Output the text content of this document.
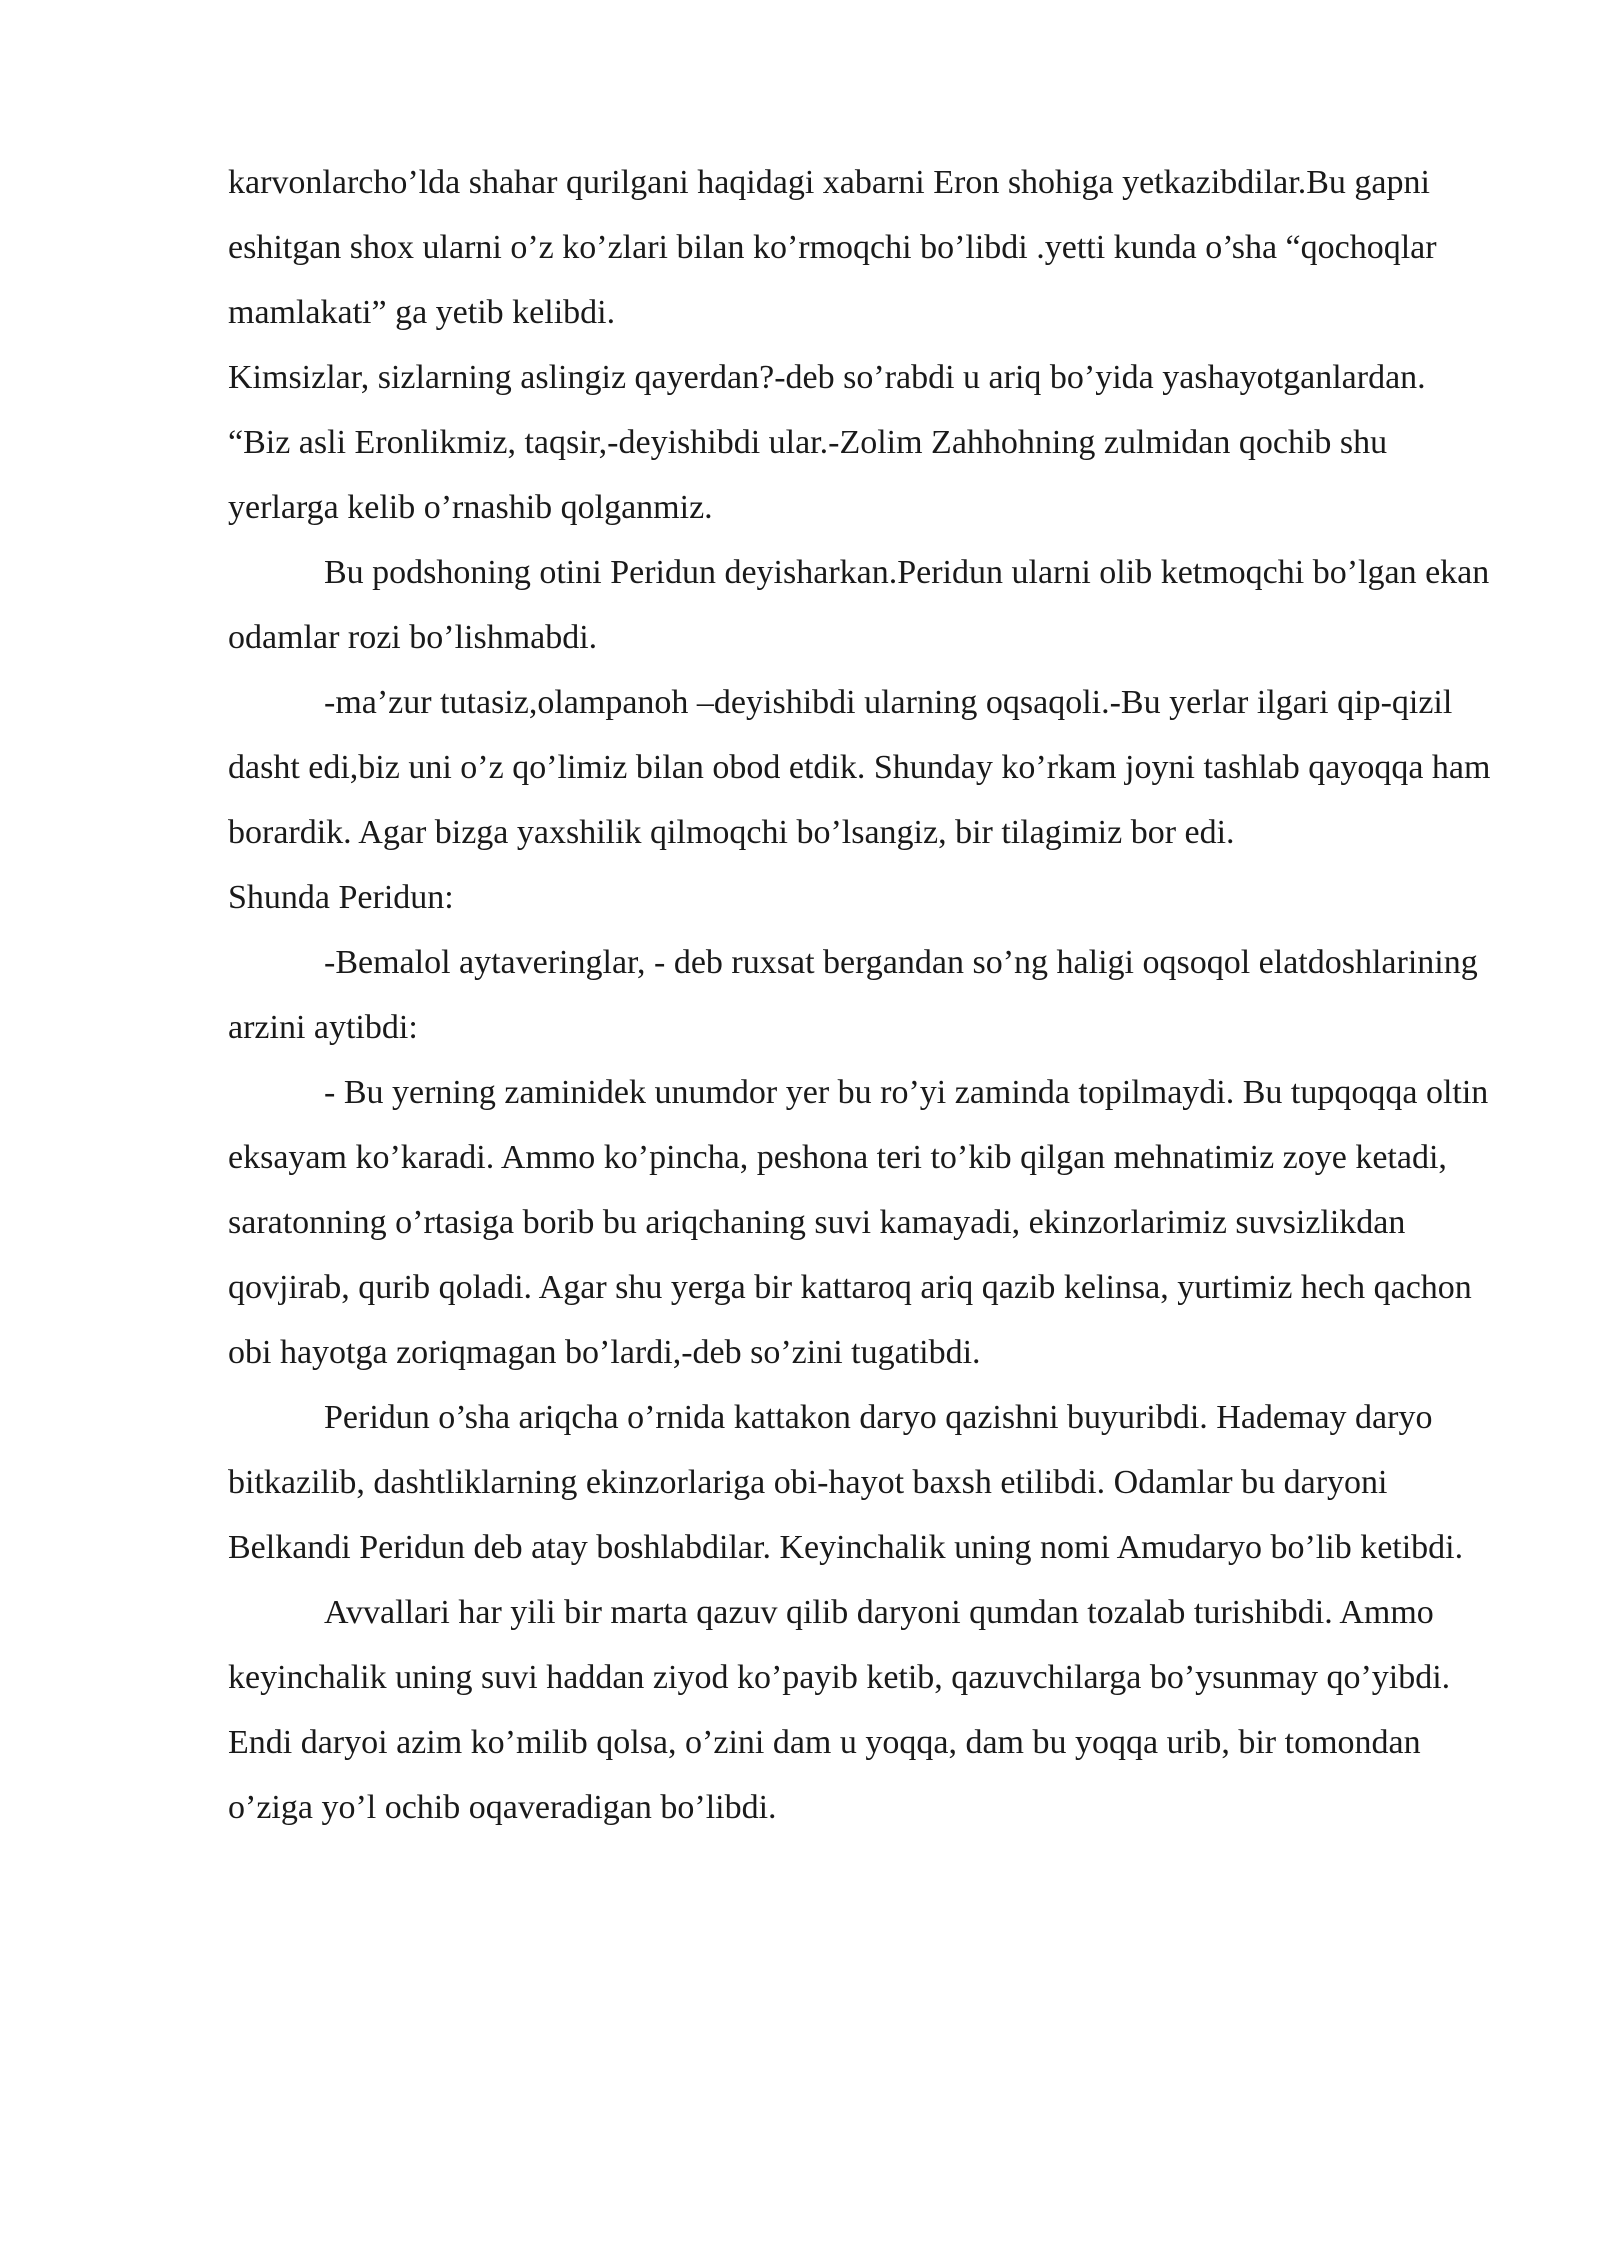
karvonlarcho’lda shahar qurilgani haqidagi xabarni Eron shohiga yetkazibdilar.Bu gapni eshitgan shox ularni o’z ko’zlari bilan ko’rmoqchi bo’libdi .yetti kunda o’sha “qochoqlar mamlakati” ga yetib kelibdi.

Kimsizlar, sizlarning aslingiz qayerdan?-deb so’rabdi u ariq bo’yida yashayotganlardan.

“Biz asli Eronlikmiz, taqsir,-deyishibdi ular.-Zolim Zahhohning zulmidan qochib shu yerlarga kelib o’rnashib qolganmiz.

Bu podshoning otini Peridun deyisharkan.Peridun ularni olib ketmoqchi bo’lgan ekan odamlar rozi bo’lishmabdi.

-ma’zur tutasiz,olampanoh –deyishibdi ularning oqsaqoli.-Bu yerlar ilgari qip-qizil dasht edi,biz uni o’z qo’limiz bilan obod etdik. Shunday ko’rkam joyni tashlab qayoqqa ham borardik. Agar bizga yaxshilik qilmoqchi bo’lsangiz, bir tilagimiz bor edi.

Shunda Peridun:

-Bemalol aytaveringlar, - deb ruxsat bergandan so’ng haligi oqsoqol elatdoshlarining arzini aytibdi:

- Bu yerning zaminidek unumdor yer bu ro’yi zaminda topilmaydi. Bu tupqoqqa oltin eksayam ko’karadi. Ammo ko’pincha, peshona teri to’kib qilgan mehnatimiz zoye ketadi, saratonning o’rtasiga borib bu ariqchaning suvi kamayadi, ekinzorlarimiz suvsizlikdan qovjirab, qurib qoladi. Agar shu yerga bir kattaroq ariq qazib kelinsa, yurtimiz hech qachon obi hayotga zoriqmagan bo’lardi,-deb so’zini tugatibdi.

Peridun o’sha ariqcha o’rnida kattakon daryo qazishni buyuribdi. Hademay daryo bitkazilib, dashtliklarning ekinzorlariga obi-hayot baxsh etilibdi. Odamlar bu daryoni Belkandi Peridun deb atay boshlabdilar. Keyinchalik uning nomi Amudaryo bo’lib ketibdi.

Avvallari har yili bir marta qazuv qilib daryoni qumdan tozalab turishibdi. Ammo keyinchalik uning suvi haddan ziyod ko’payib ketib, qazuvchilarga bo’ysunmay qo’yibdi. Endi daryoi azim ko’milib qolsa, o’zini dam u yoqqa, dam bu yoqqa urib, bir tomondan o’ziga yo’l ochib oqaveradigan bo’libdi.
